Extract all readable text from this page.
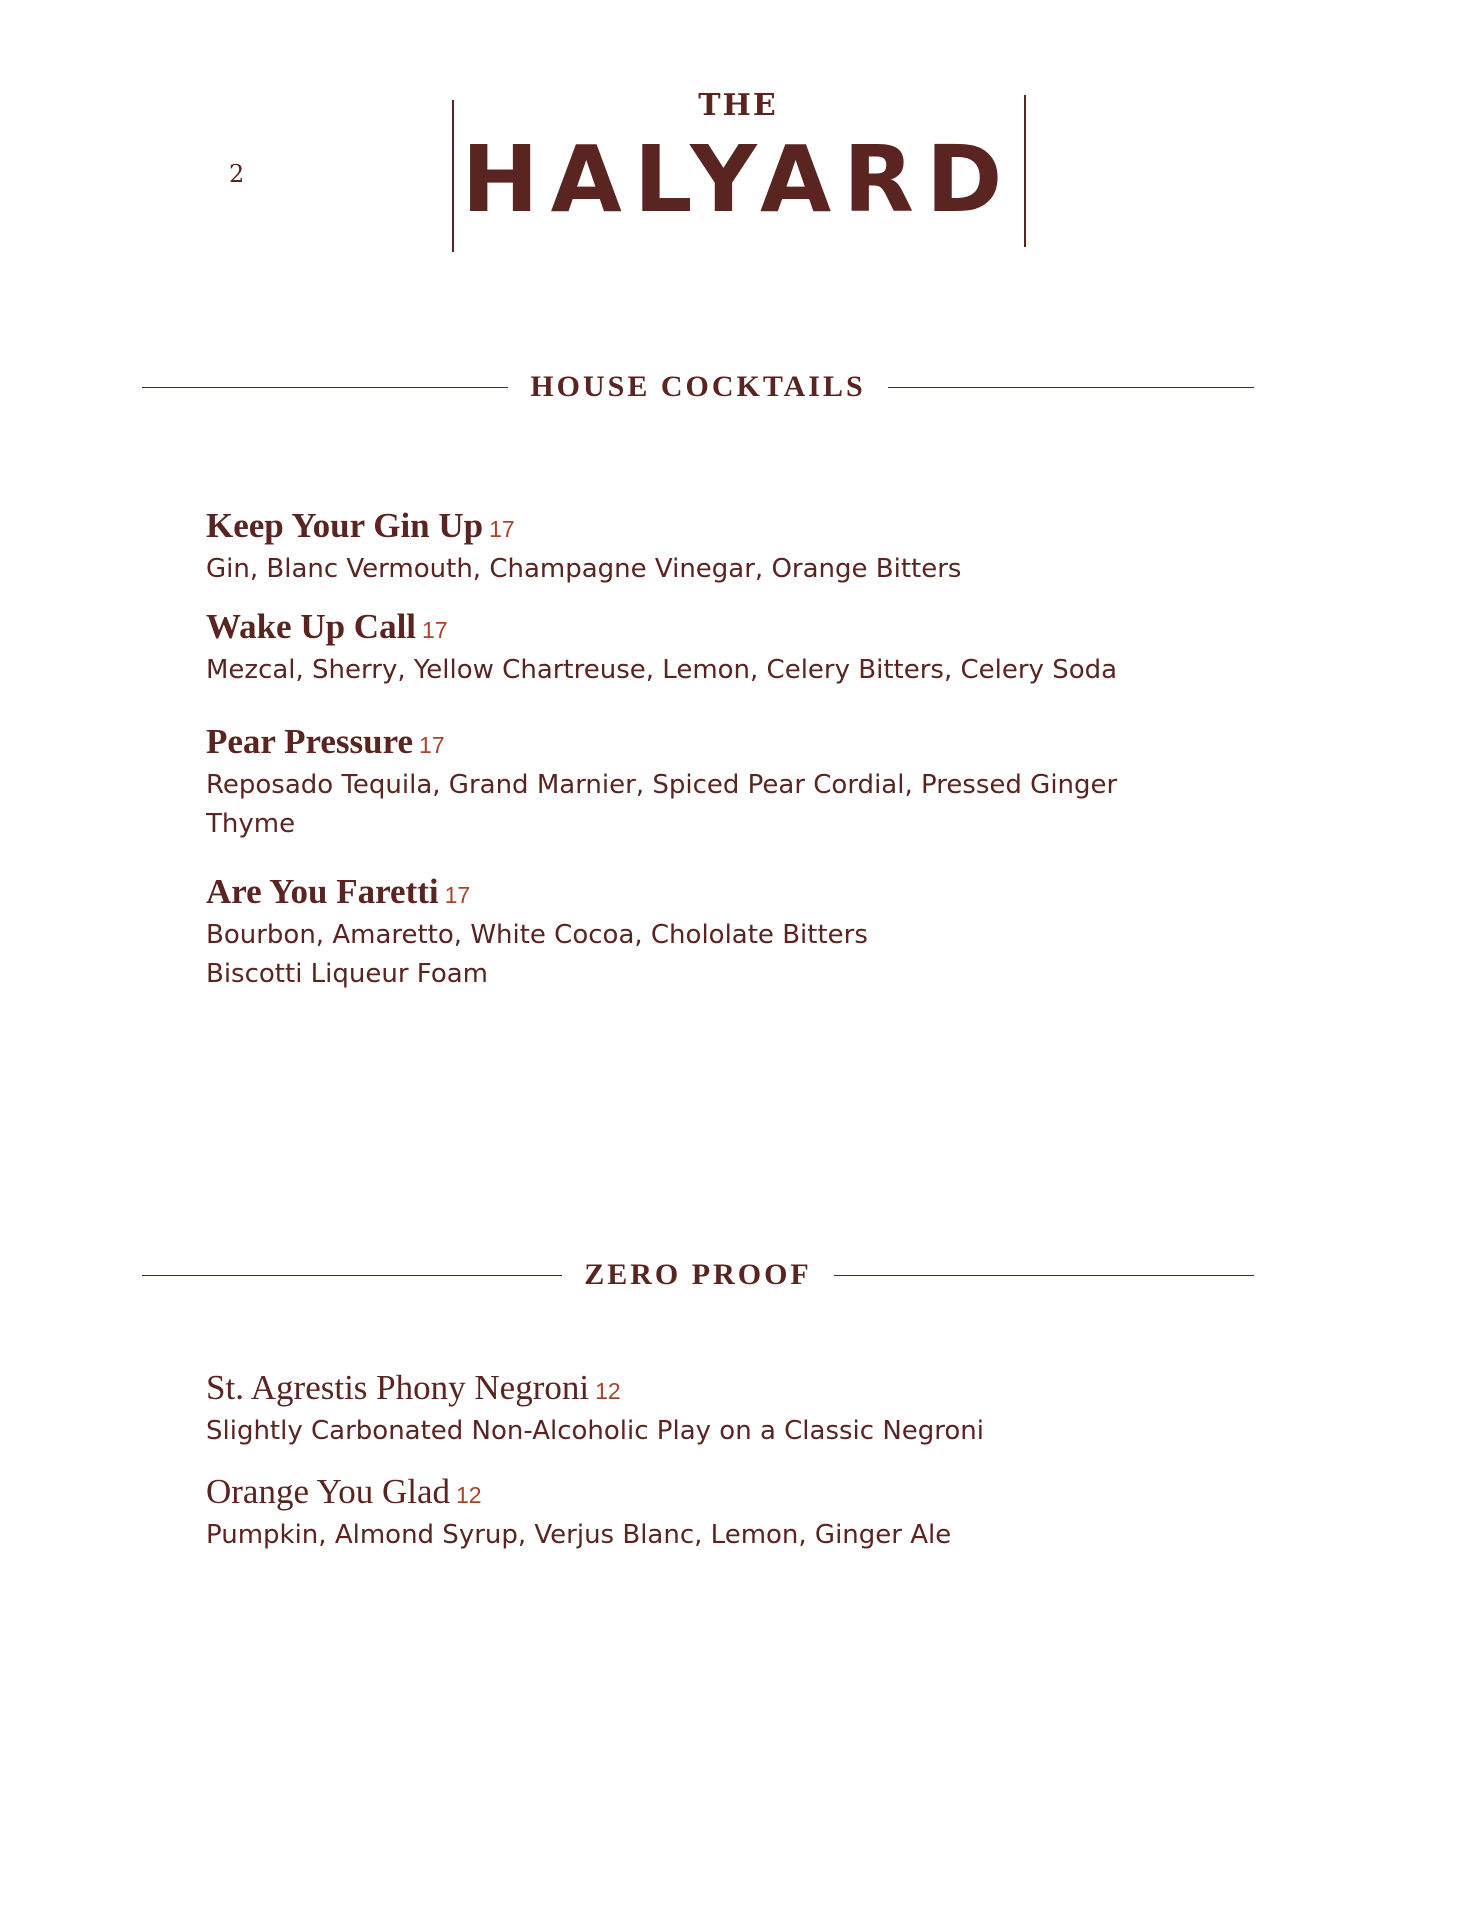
2
THE
HALYARD
HOUSE COCKTAILS
Keep Your Gin Up 17
Gin, Blanc Vermouth, Champagne Vinegar, Orange Bitters
Wake Up Call 17
Mezcal, Sherry, Yellow Chartreuse, Lemon, Celery Bitters, Celery Soda
Pear Pressure 17
Reposado Tequila, Grand Marnier, Spiced Pear Cordial, Pressed Ginger
Thyme
Are You Faretti 17
Bourbon, Amaretto, White Cocoa, Chololate Bitters
Biscotti Liqueur Foam
ZERO PROOF
St. Agrestis Phony Negroni 12
Slightly Carbonated Non-Alcoholic Play on a Classic Negroni
Orange You Glad 12
Pumpkin, Almond Syrup, Verjus Blanc, Lemon, Ginger Ale
